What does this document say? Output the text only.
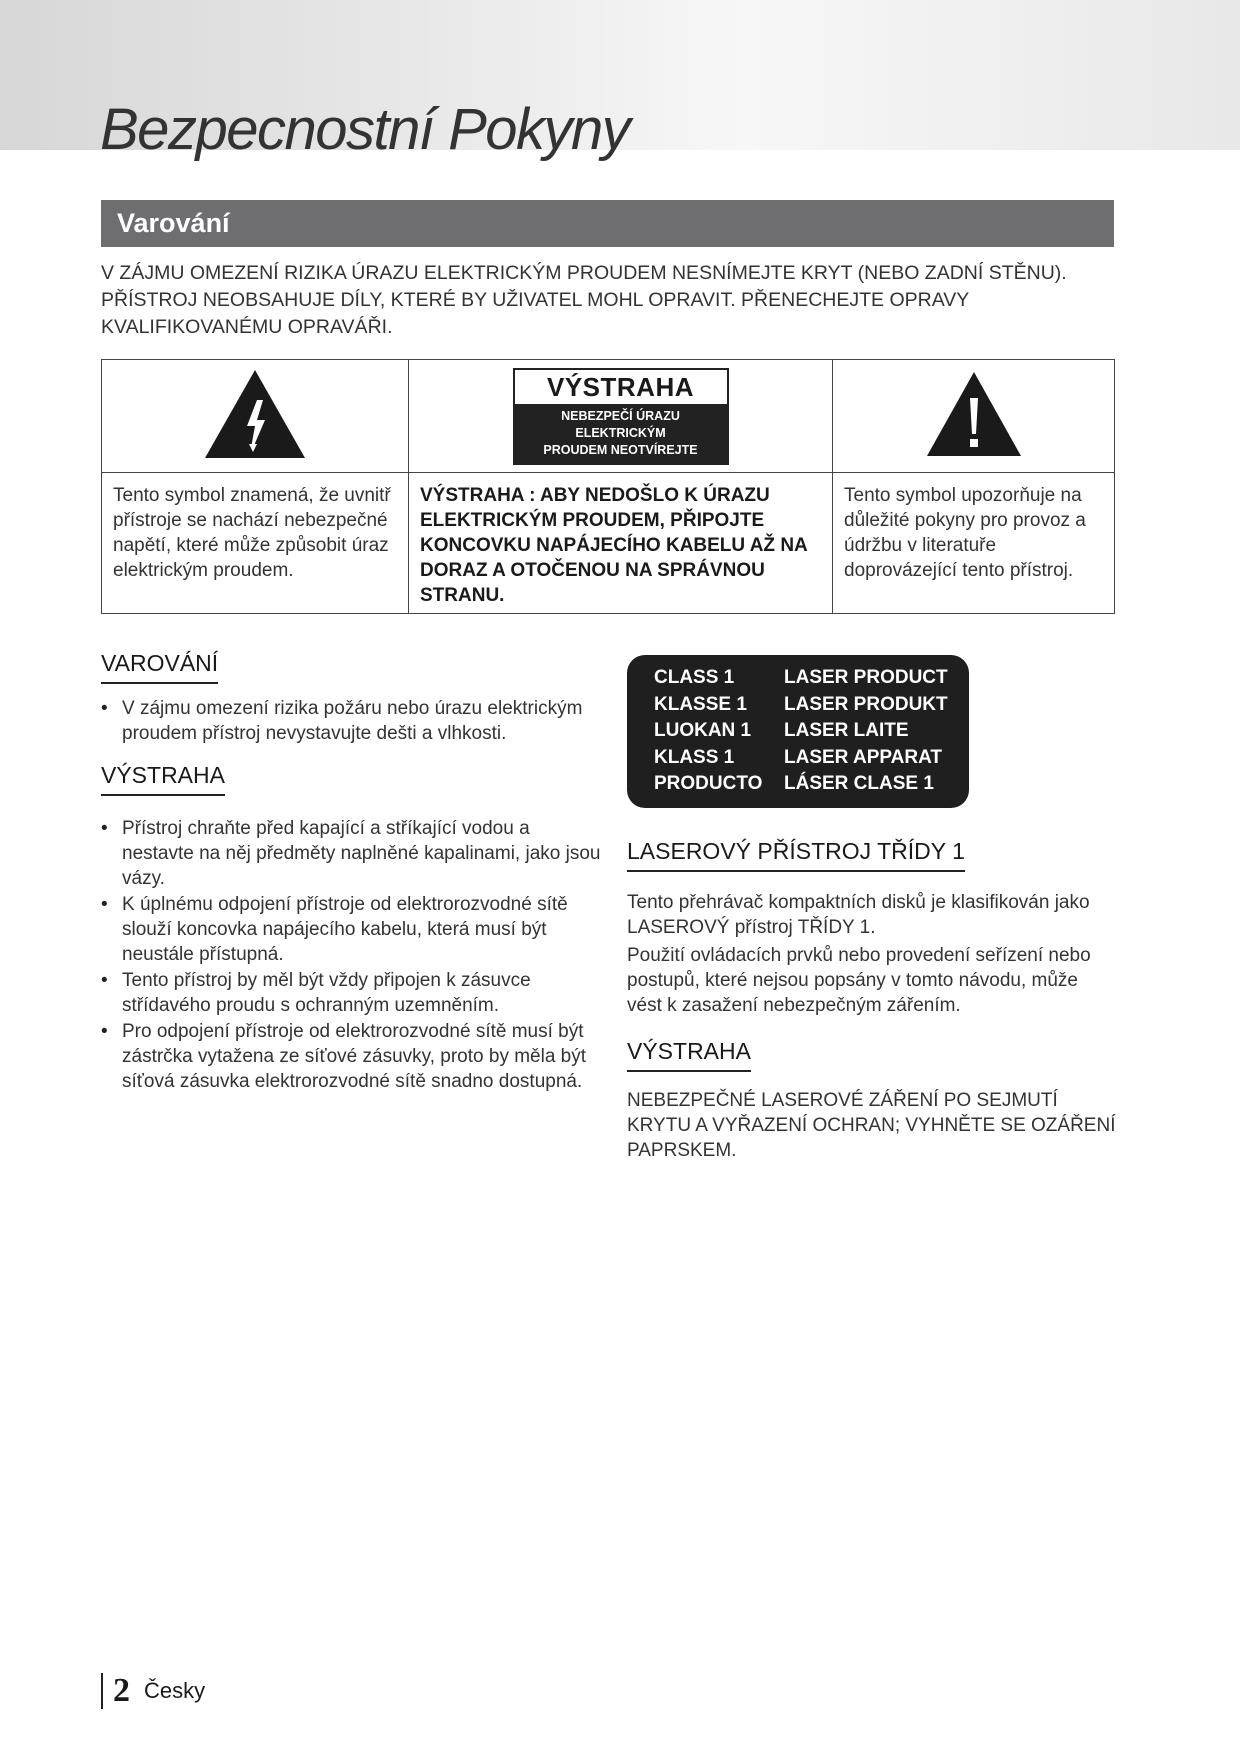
Bezpecnostní Pokyny
Varování

V ZÁJMU OMEZENÍ RIZIKA ÚRAZU ELEKTRICKÝM PROUDEM NESNÍMEJTE KRYT (NEBO ZADNÍ STĚNU). PŘÍSTROJ NEOBSAHUJE DÍLY, KTERÉ BY UŽIVATEL MOHL OPRAVIT. PŘENECHEJTE OPRAVY KVALIFIKOVANÉMU OPRAVÁŘI.

VÝSTRAHA
NEBEZPEČÍ ÚRAZU ELEKTRICKÝM
PROUDEM NEOTVÍREJTE

Tento symbol znamená, že uvnitř přístroje se nachází nebezpečné napětí, které může způsobit úraz elektrickým proudem.	VÝSTRAHA : ABY NEDOŠLO K ÚRAZU ELEKTRICKÝM PROUDEM, PŘIPOJTE KONCOVKU NAPÁJECÍHO KABELU AŽ NA DORAZ A OTOČENOU NA SPRÁVNOU STRANU.	Tento symbol upozorňuje na důležité pokyny pro provoz a údržbu v literatuře doprovázející tento přístroj.
VAROVÁNÍ
• V zájmu omezení rizika požáru nebo úrazu elektrickým proudem přístroj nevystavujte dešti a vlhkosti.
VÝSTRAHA
• Přístroj chraňte před kapající a stříkající vodou a nestavte na něj předměty naplněné kapalinami, jako jsou vázy.
• K úplnému odpojení přístroje od elektrorozvodné sítě slouží koncovka napájecího kabelu, která musí být neustále přístupná.
• Tento přístroj by měl být vždy připojen k zásuvce střídavého proudu s ochranným uzemněním.
• Pro odpojení přístroje od elektrorozvodné sítě musí být zástrčka vytažena ze síťové zásuvky, proto by měla být síťová zásuvka elektrorozvodné sítě snadno dostupná.
CLASS 1	LASER PRODUCT
KLASSE 1	LASER PRODUKT
LUOKAN 1	LASER LAITE
KLASS 1	LASER APPARAT
PRODUCTO	LÁSER CLASE 1
LASEROVÝ PŘÍSTROJ TŘÍDY 1

Tento přehrávač kompaktních disků je klasifikován jako LASEROVÝ přístroj TŘÍDY 1.

Použití ovládacích prvků nebo provedení seřízení nebo postupů, které nejsou popsány v tomto návodu, může vést k zasažení nebezpečným zářením.

VÝSTRAHA

NEBEZPEČNÉ LASEROVÉ ZÁŘENÍ PO SEJMUTÍ KRYTU A VYŘAZENÍ OCHRAN; VYHNĚTE SE OZÁŘENÍ PAPRSKEM.

2 Česky
